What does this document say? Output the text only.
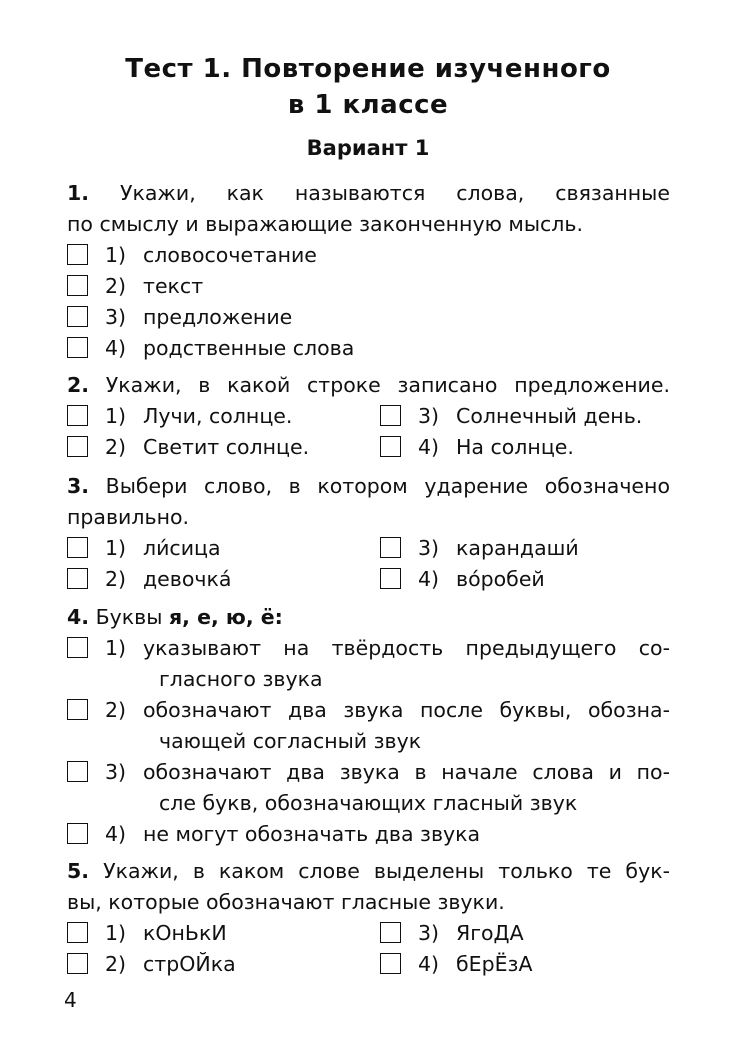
Тест 1. Повторение изученного
в 1 классе
Вариант 1
1. Укажи, как называются слова, связанные
по смыслу и выражающие законченную мысль.
1) словосочетание
2) текст
3) предложение
4) родственные слова
2. Укажи, в какой строке записано предложение.
1) Лучи, солнце.
2) Светит солнце.
3) Солнечный день.
4) На солнце.
3. Выбери слово, в котором ударение обозначено
правильно.
1) ли́сица
2) девочка́
3) карандаши́
4) во́робей
4. Буквы я, е, ю, ё:
1) указывают на твёрдость предыдущего со-
гласного звука
2) обозначают два звука после буквы, обозна-
чающей согласный звук
3) обозначают два звука в начале слова и по-
сле букв, обозначающих гласный звук
4) не могут обозначать два звука
5. Укажи, в каком слове выделены только те бук-
вы, которые обозначают гласные звуки.
1) кОнЬкИ
2) стрОЙка
3) ЯгоДА
4) бЕрЁзА
4
